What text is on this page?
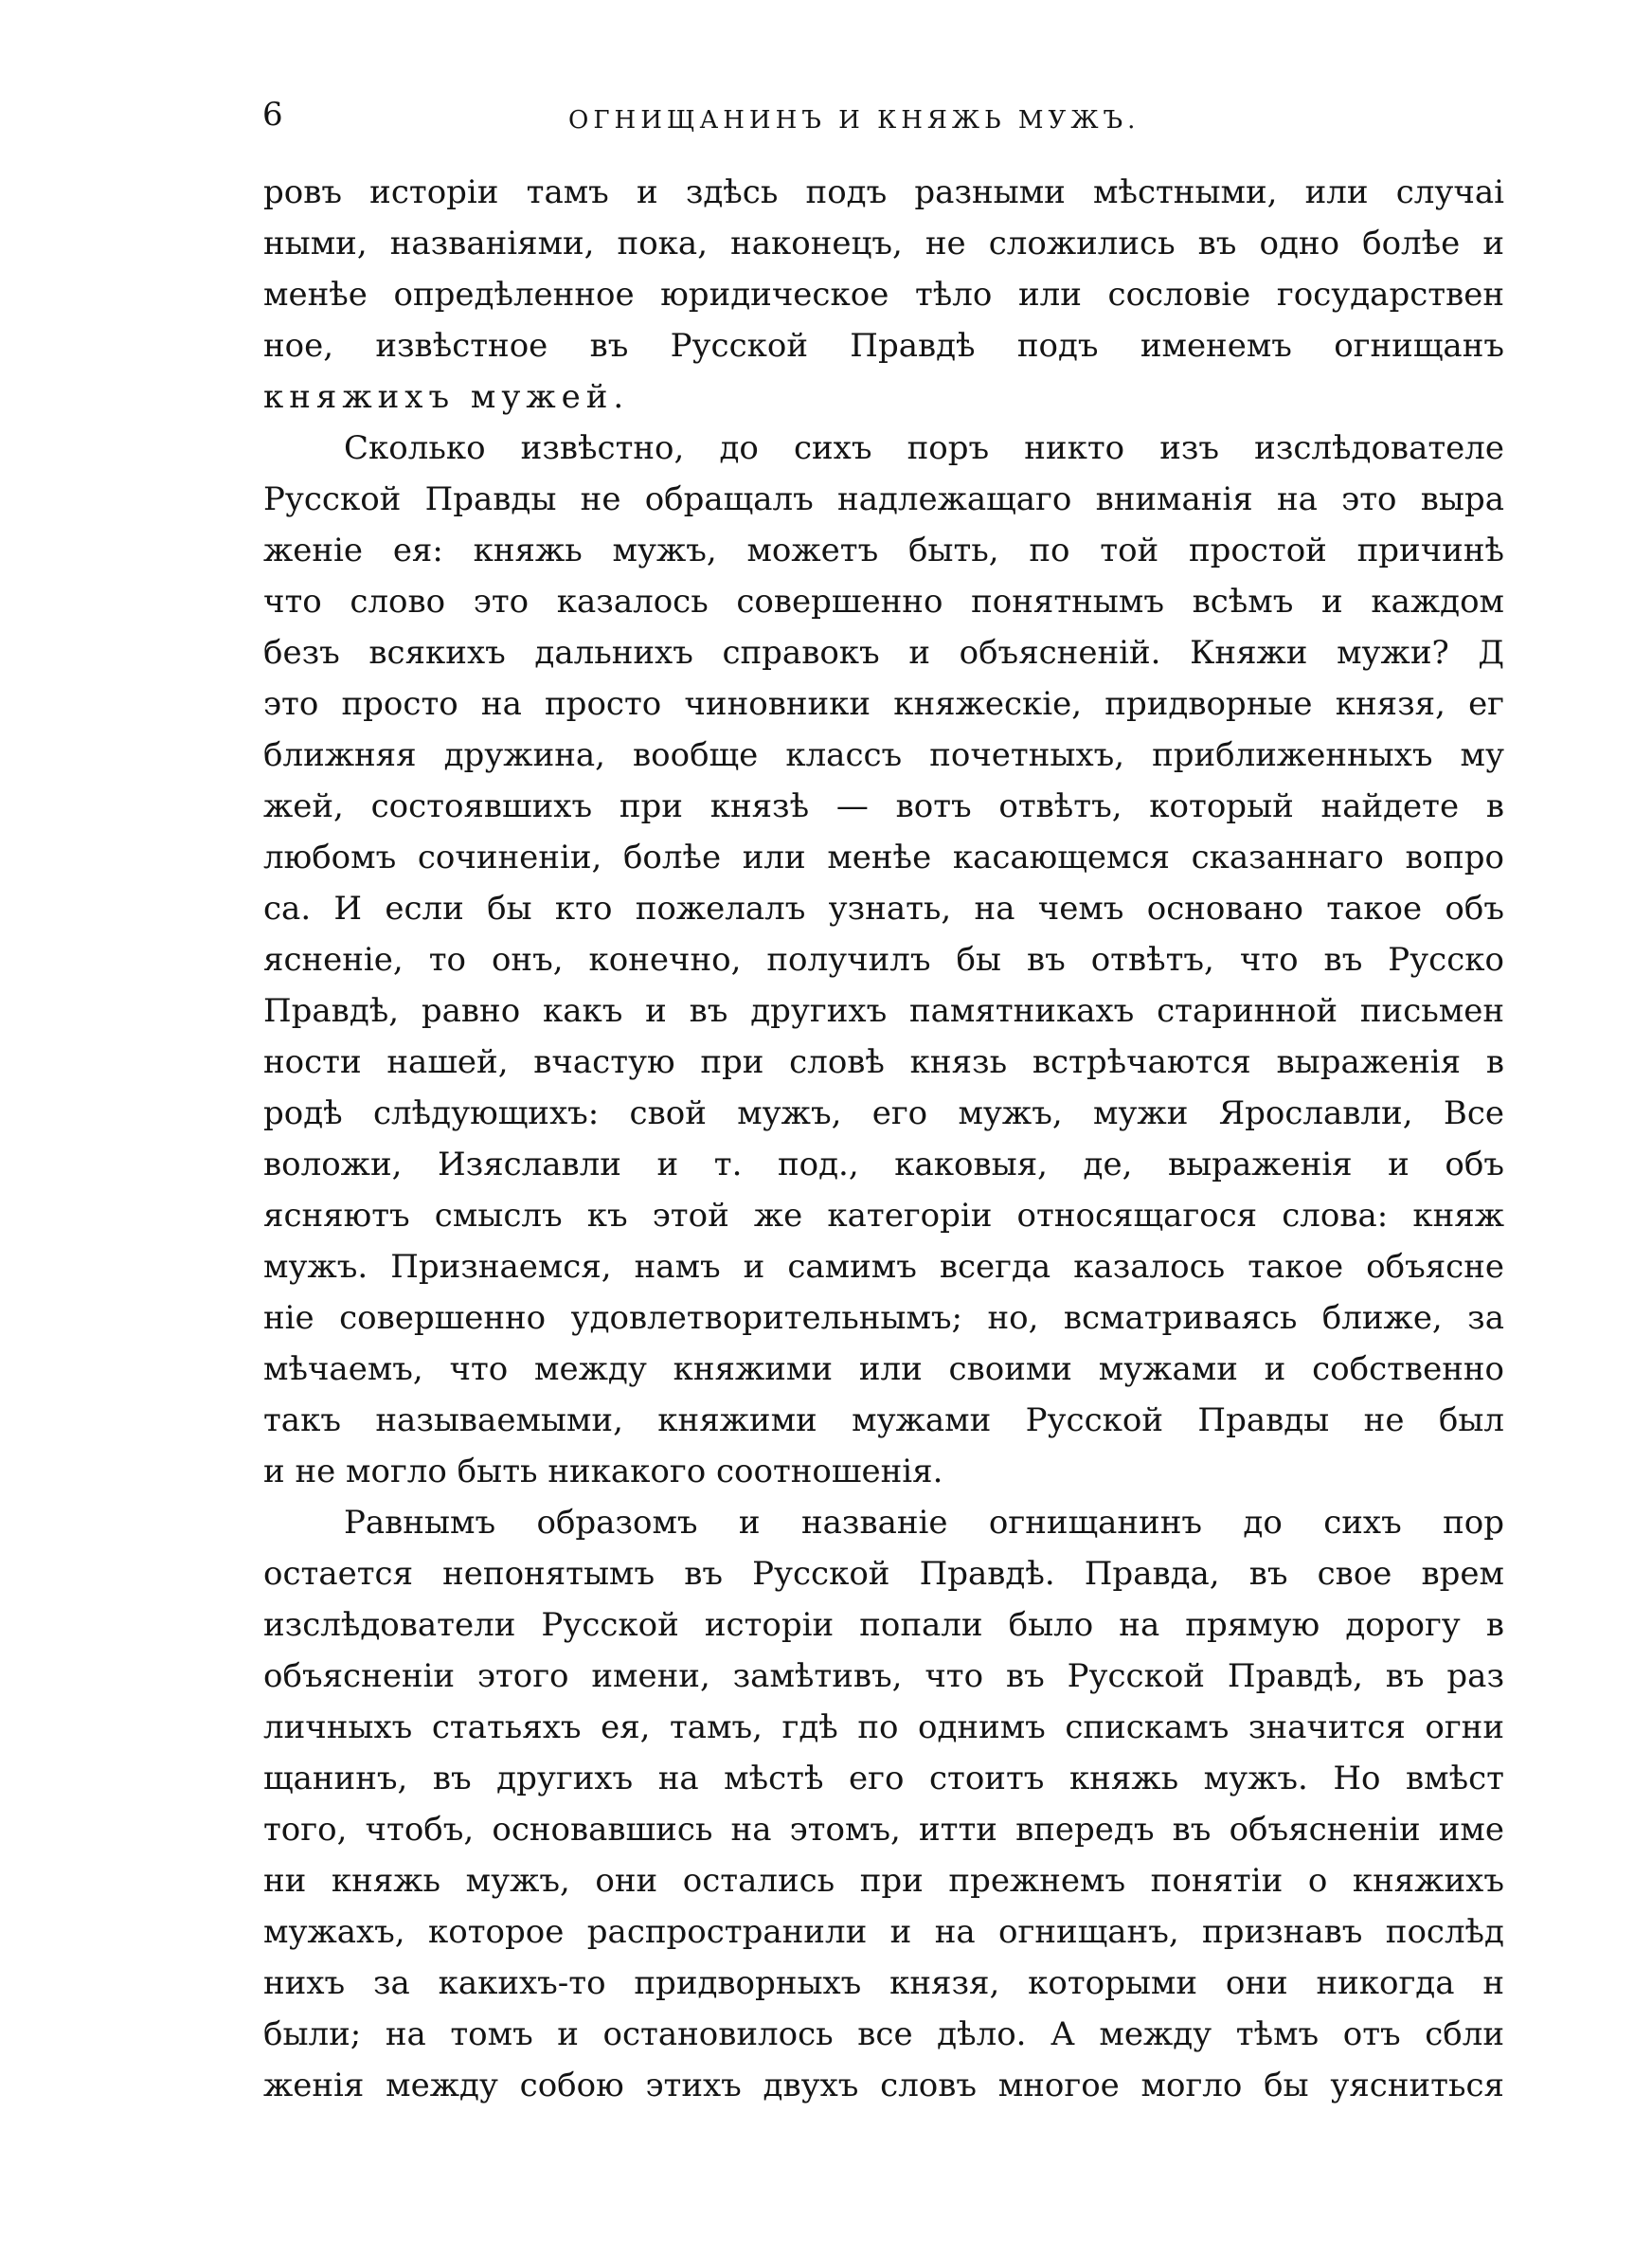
6	ОГНИЩАНИНЪ И КНЯЖЬ МУЖЪ.
ровъ исторіи тамъ и здѣсь подъ разными мѣстными, или случаі
ными, названіями, пока, наконецъ, не сложились въ одно болѣе и
менѣе опредѣленное юридическое тѣло или сословіе государствен
ное, извѣстное въ Русской Правдѣ подъ именемъ огнищанъ
княжихъ мужей.
Сколько извѣстно, до сихъ поръ никто изъ изслѣдователе
Русской Правды не обращалъ надлежащаго вниманія на это выра
женіе ея: княжь мужъ, можетъ быть, по той простой причинѣ
что слово это казалось совершенно понятнымъ всѣмъ и каждом
безъ всякихъ дальнихъ справокъ и объясненій. Княжи мужи? Д
это просто на просто чиновники княжескіе, придворные князя, ег
ближняя дружина, вообще классъ почетныхъ, приближенныхъ му
жей, состоявшихъ при князѣ — вотъ отвѣтъ, который найдете в
любомъ сочиненіи, болѣе или менѣе касающемся сказаннаго вопро
са. И если бы кто пожелалъ узнать, на чемъ основано такое объ
ясненіе, то онъ, конечно, получилъ бы въ отвѣтъ, что въ Русско
Правдѣ, равно какъ и въ другихъ памятникахъ старинной письмен
ности нашей, вчастую при словѣ князь встрѣчаются выраженія в
родѣ слѣдующихъ: свой мужъ, его мужъ, мужи Ярославли, Все
воложи, Изяславли и т. под., каковыя, де, выраженія и объ
ясняютъ смыслъ къ этой же категоріи относящагося слова: княж
мужъ. Признаемся, намъ и самимъ всегда казалось такое объясне
ніе совершенно удовлетворительнымъ; но, всматриваясь ближе, за
мѣчаемъ, что между княжими или своими мужами и собственно
такъ называемыми, княжими мужами Русской Правды не был
и не могло быть никакого соотношенія.
Равнымъ образомъ и названіе огнищанинъ до сихъ пор
остается непонятымъ въ Русской Правдѣ. Правда, въ свое врем
изслѣдователи Русской исторіи попали было на прямую дорогу в
объясненіи этого имени, замѣтивъ, что въ Русской Правдѣ, въ раз
личныхъ статьяхъ ея, тамъ, гдѣ по однимъ спискамъ значится огни
щанинъ, въ другихъ на мѣстѣ его стоитъ княжь мужъ. Но вмѣст
того, чтобъ, основавшись на этомъ, итти впередъ въ объясненіи име
ни княжь мужъ, они остались при прежнемъ понятіи о княжихъ
мужахъ, которое распространили и на огнищанъ, признавъ послѣд
нихъ за какихъ-то придворныхъ князя, которыми они никогда н
были; на томъ и остановилось все дѣло. А между тѣмъ отъ сбли
женія между собою этихъ двухъ словъ многое могло бы уясниться
